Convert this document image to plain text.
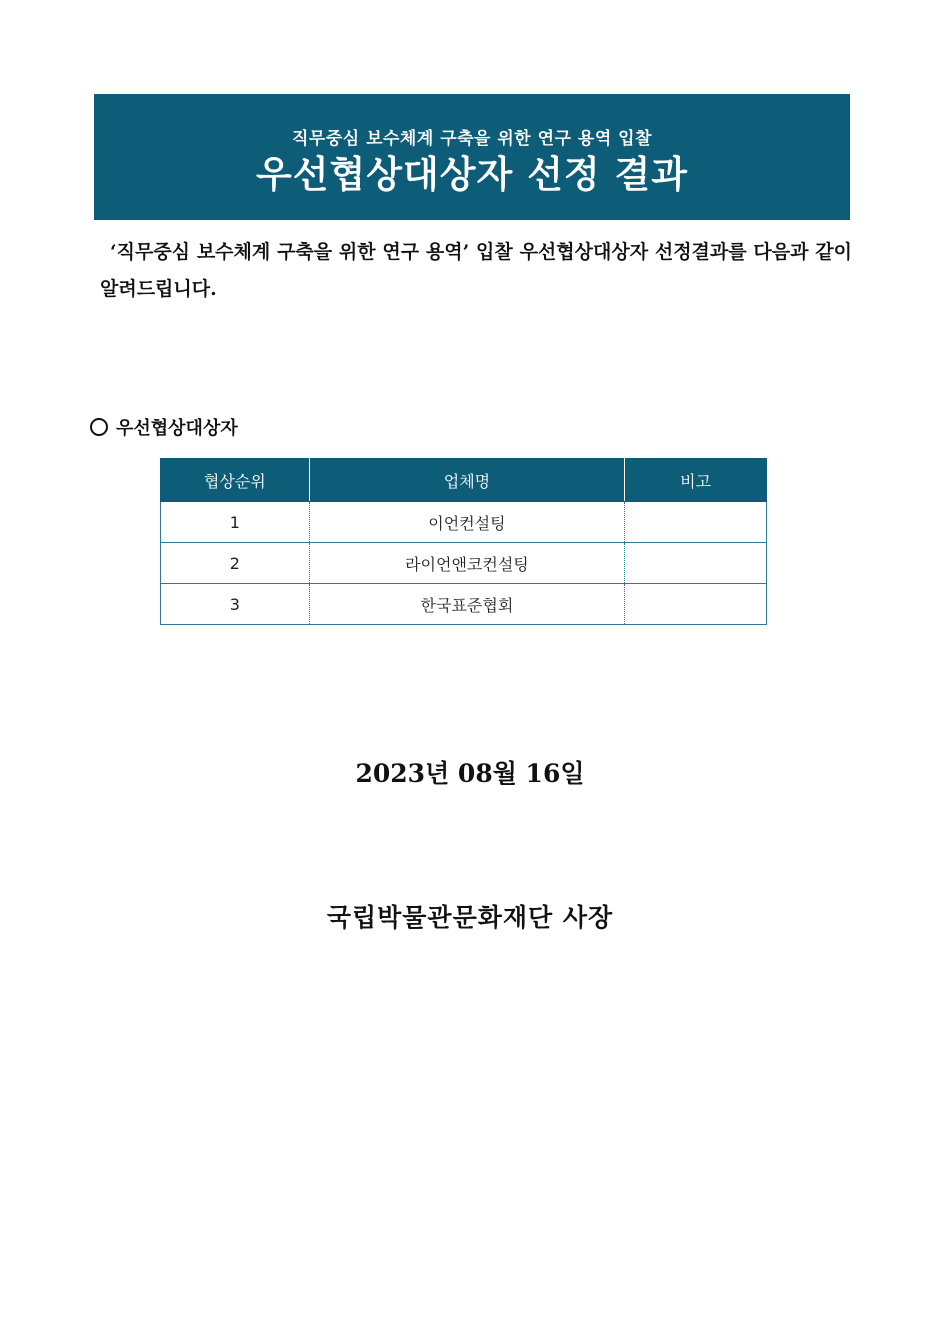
직무중심 보수체계 구축을 위한 연구 용역 입찰
우선협상대상자 선정 결과
‘직무중심 보수체계 구축을 위한 연구 용역’ 입찰 우선협상대상자 선정결과를 다음과 같이 알려드립니다.
우선협상대상자
협상순위	업체명	비고
1	이언컨설팅	
2	라이언앤코컨설팅	
3	한국표준협회	
2023년 08월 16일
국립박물관문화재단 사장
